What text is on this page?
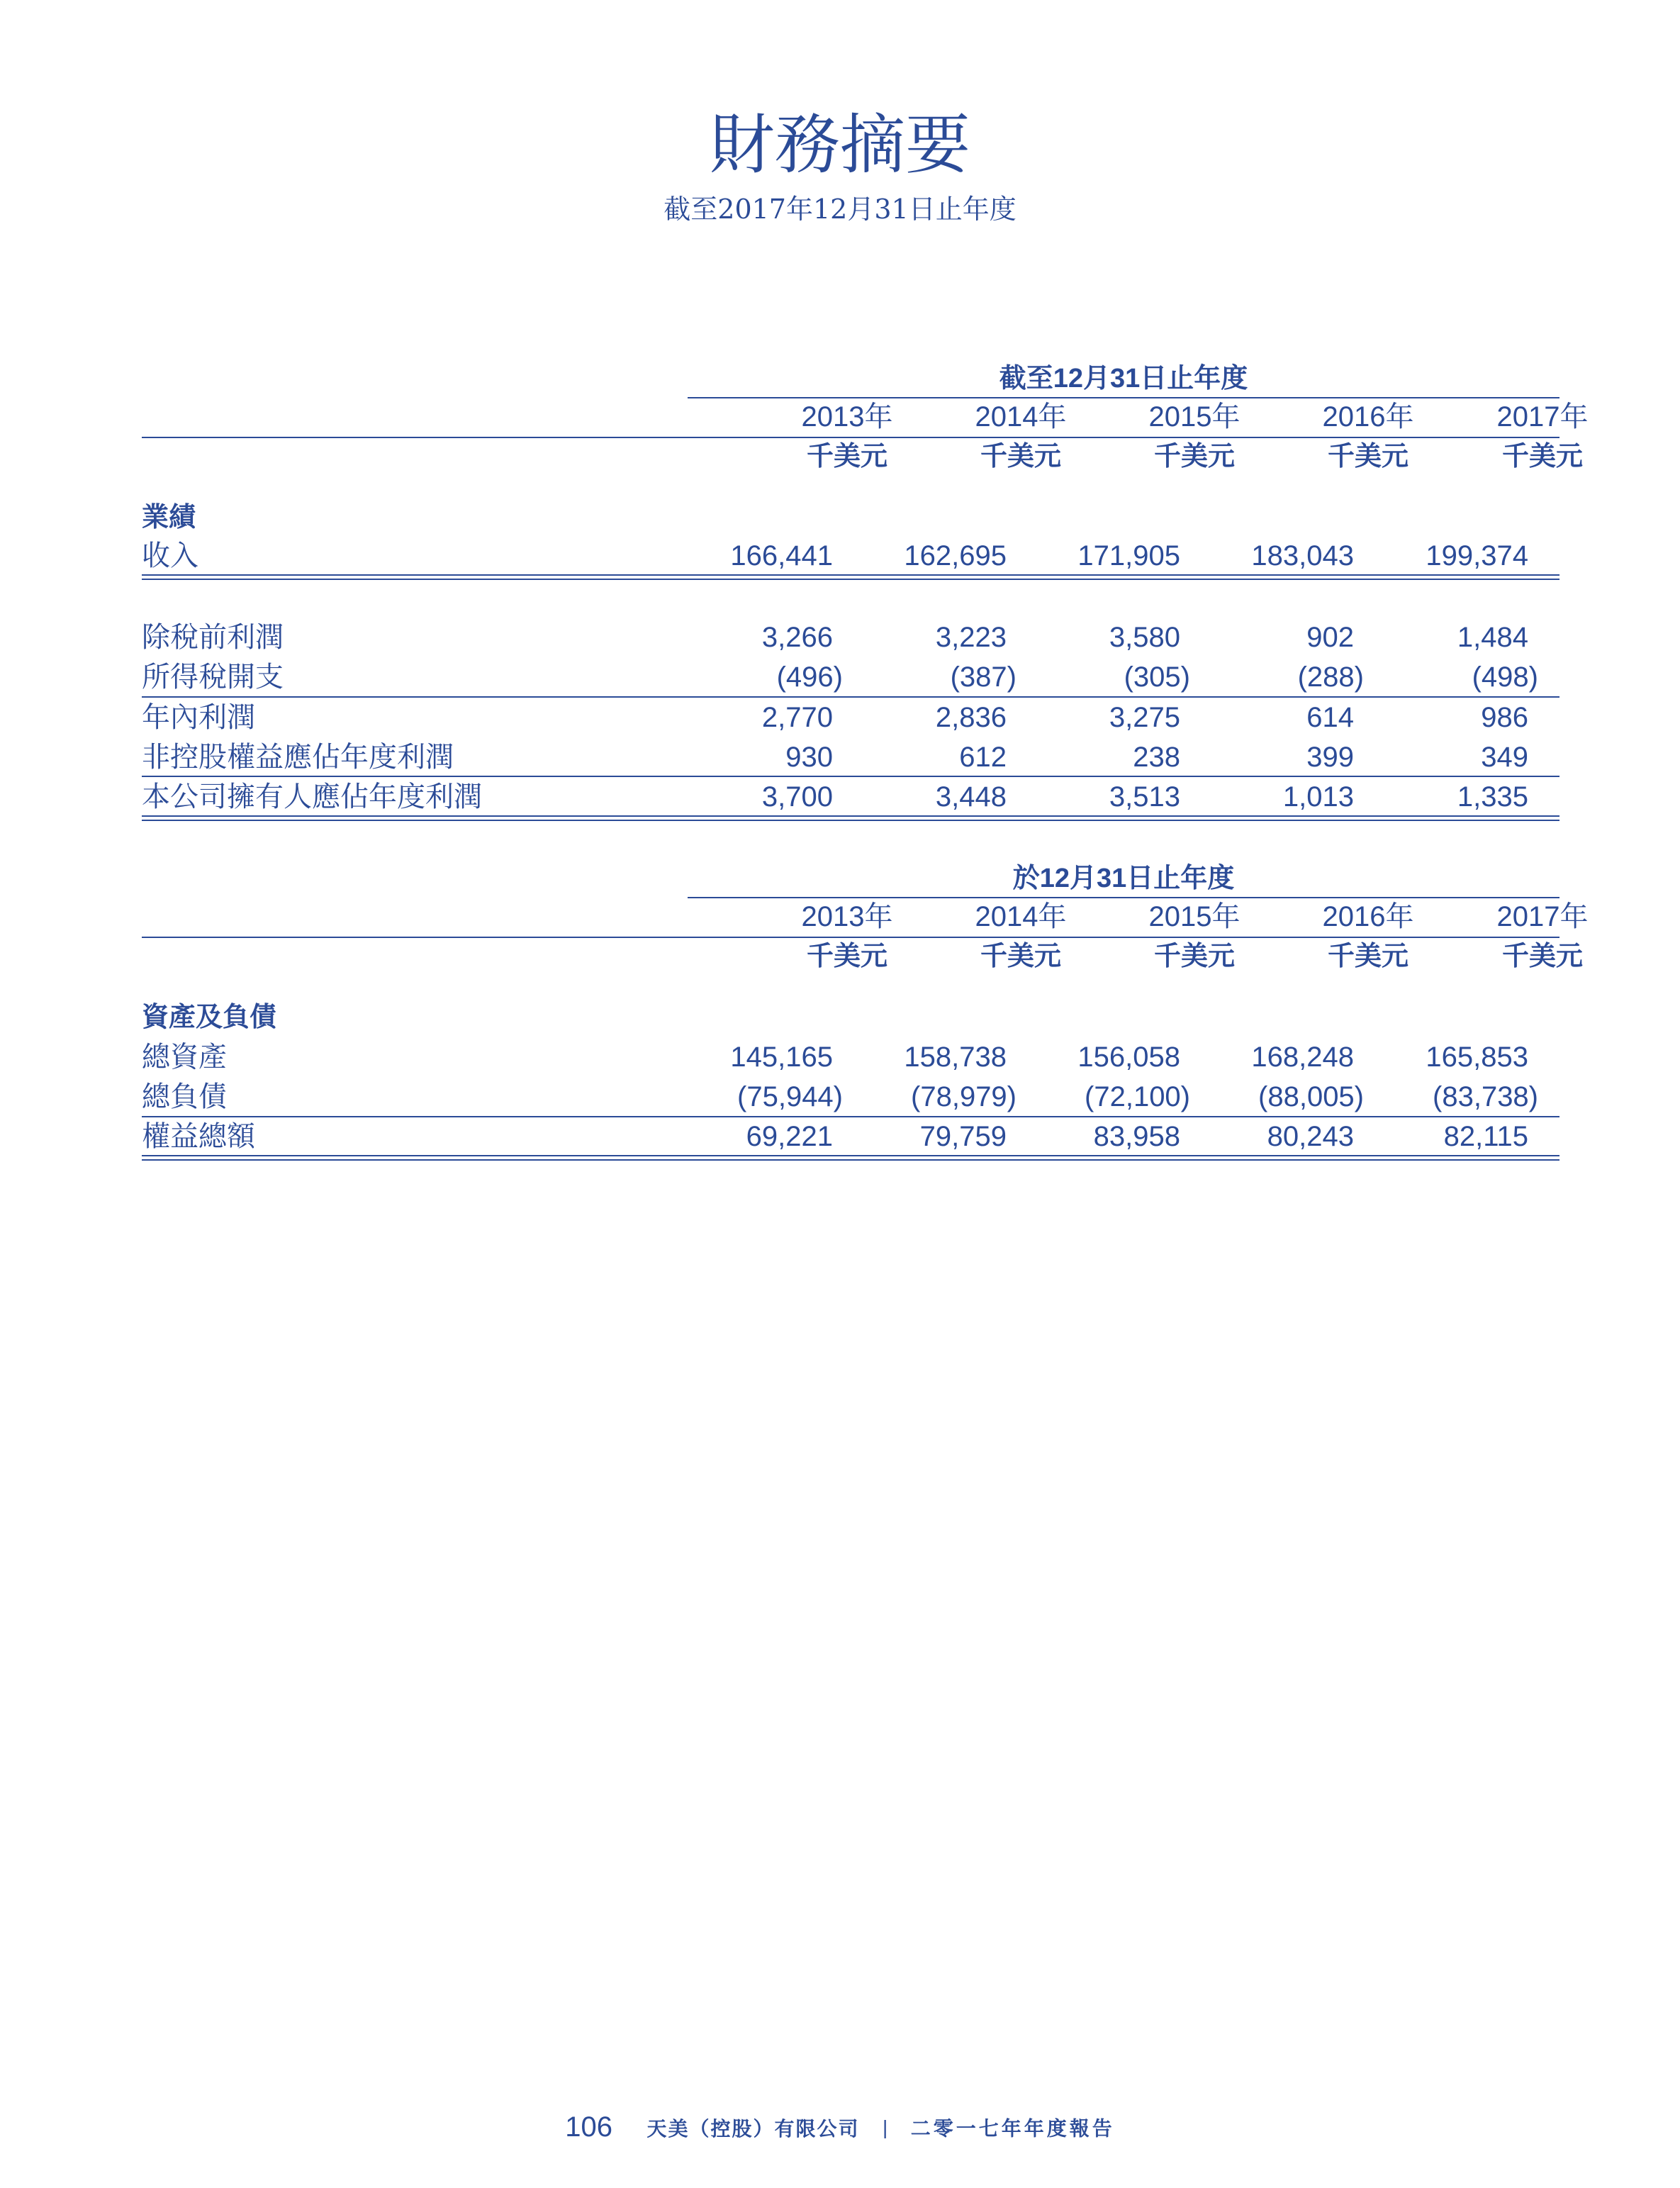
財務摘要
截至2017年12月31日止年度
截至12月31日止年度
2013年	2014年	2015年	2016年	2017年
千美元	千美元	千美元	千美元	千美元
業績
收入	166,441	162,695	171,905	183,043	199,374
除稅前利潤	3,266	3,223	3,580	902	1,484
所得稅開支	(496)	(387)	(305)	(288)	(498)
年內利潤	2,770	2,836	3,275	614	986
非控股權益應佔年度利潤	930	612	238	399	349
本公司擁有人應佔年度利潤	3,700	3,448	3,513	1,013	1,335
於12月31日止年度
2013年	2014年	2015年	2016年	2017年
千美元	千美元	千美元	千美元	千美元
資產及負債
總資產	145,165	158,738	156,058	168,248	165,853
總負債	(75,944)	(78,979)	(72,100)	(88,005)	(83,738)
權益總額	69,221	79,759	83,958	80,243	82,115
106 天美（控股）有限公司 | 二零一七年年度報告
